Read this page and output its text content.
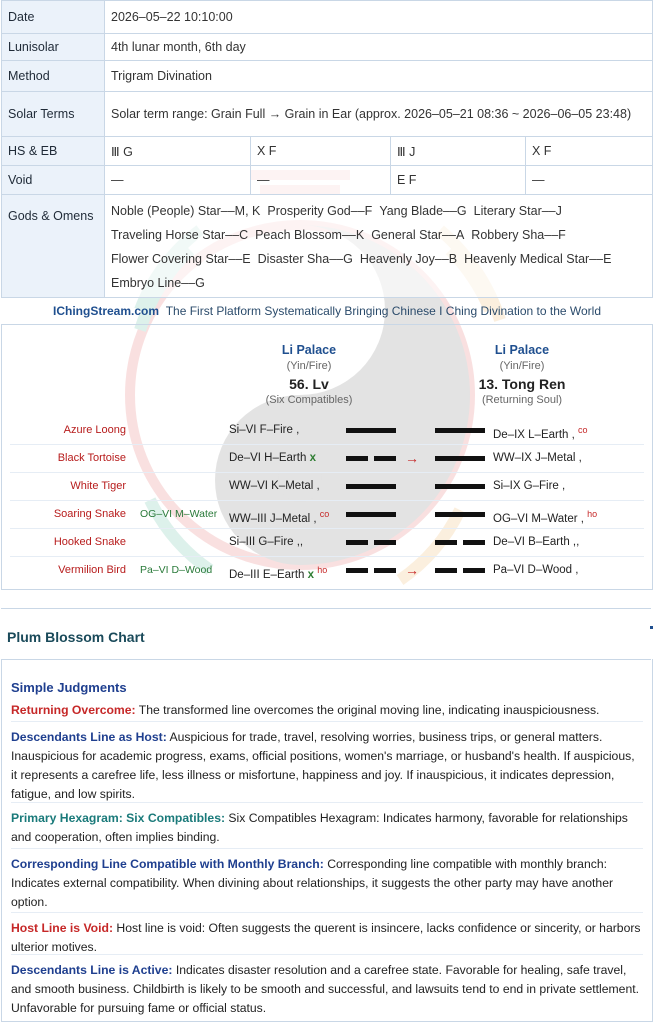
Date	2026–05–22 10:10:00			
Lunisolar	4th lunar month, 6th day			
Method	Trigram Divination			
Solar Terms	Solar term range: Grain Full → Grain in Ear (approx. 2026–05–21 08:36 ~ 2026–06–05 23:48)			
HS & EB	Ⅲ G	X F	Ⅲ J	X F
Void	—	—	E F	—
Gods & Omens	Noble (People) Star––M, K Prosperity God––F Yang Blade––G Literary Star––JTraveling Horse Star––C Peach Blossom––K General Star––A Robbery Sha––FFlower Covering Star––E Disaster Sha––G Heavenly Joy––B Heavenly Medical Star––EEmbryo Line––G			
IChingStream.com The First Platform Systematically Bringing Chinese I Ching Divination to the World
Li Palace
(Yin/Fire)
56. Lv
(Six Compatibles)
Li Palace
(Yin/Fire)
13. Tong Ren
(Returning Soul)
Azure Loong	Si–VI F–Fire ,	De–IX L–Earth , $^{co}$
Black Tortoise	De–VI H–Earth x	→	WW–IX J–Metal ,
White Tiger	WW–VI K–Metal ,	Si–IX G–Fire ,
Soaring Snake OG–VI M–Water	WW–III J–Metal , $^{co}$	OG–VI M–Water , $^{ho}$
Hooked Snake	Si–III G–Fire ,,	De–VI B–Earth ,,
Vermilion Bird Pa–VI D–Wood	De–III E–Earth x $^{ho}$	→	Pa–VI D–Wood ,
Plum Blossom Chart
Simple Judgments
Returning Overcome: The transformed line overcomes the original moving line, indicating inauspiciousness.
Descendants Line as Host: Auspicious for trade, travel, resolving worries, business trips, or general matters. Inauspicious for academic progress, exams, official positions, women's marriage, or husband's health. If auspicious, it represents a carefree life, less illness or misfortune, happiness and joy. If inauspicious, it indicates depression, fatigue, and low spirits.
Primary Hexagram: Six Compatibles: Six Compatibles Hexagram: Indicates harmony, favorable for relationships and cooperation, often implies binding.
Corresponding Line Compatible with Monthly Branch: Corresponding line compatible with monthly branch: Indicates external compatibility. When divining about relationships, it suggests the other party may have another option.
Host Line is Void: Host line is void: Often suggests the querent is insincere, lacks confidence or sincerity, or harbors ulterior motives.
Descendants Line is Active: Indicates disaster resolution and a carefree state. Favorable for healing, safe travel, and smooth business. Childbirth is likely to be smooth and successful, and lawsuits tend to end in private settlement. Unfavorable for pursuing fame or official status.
